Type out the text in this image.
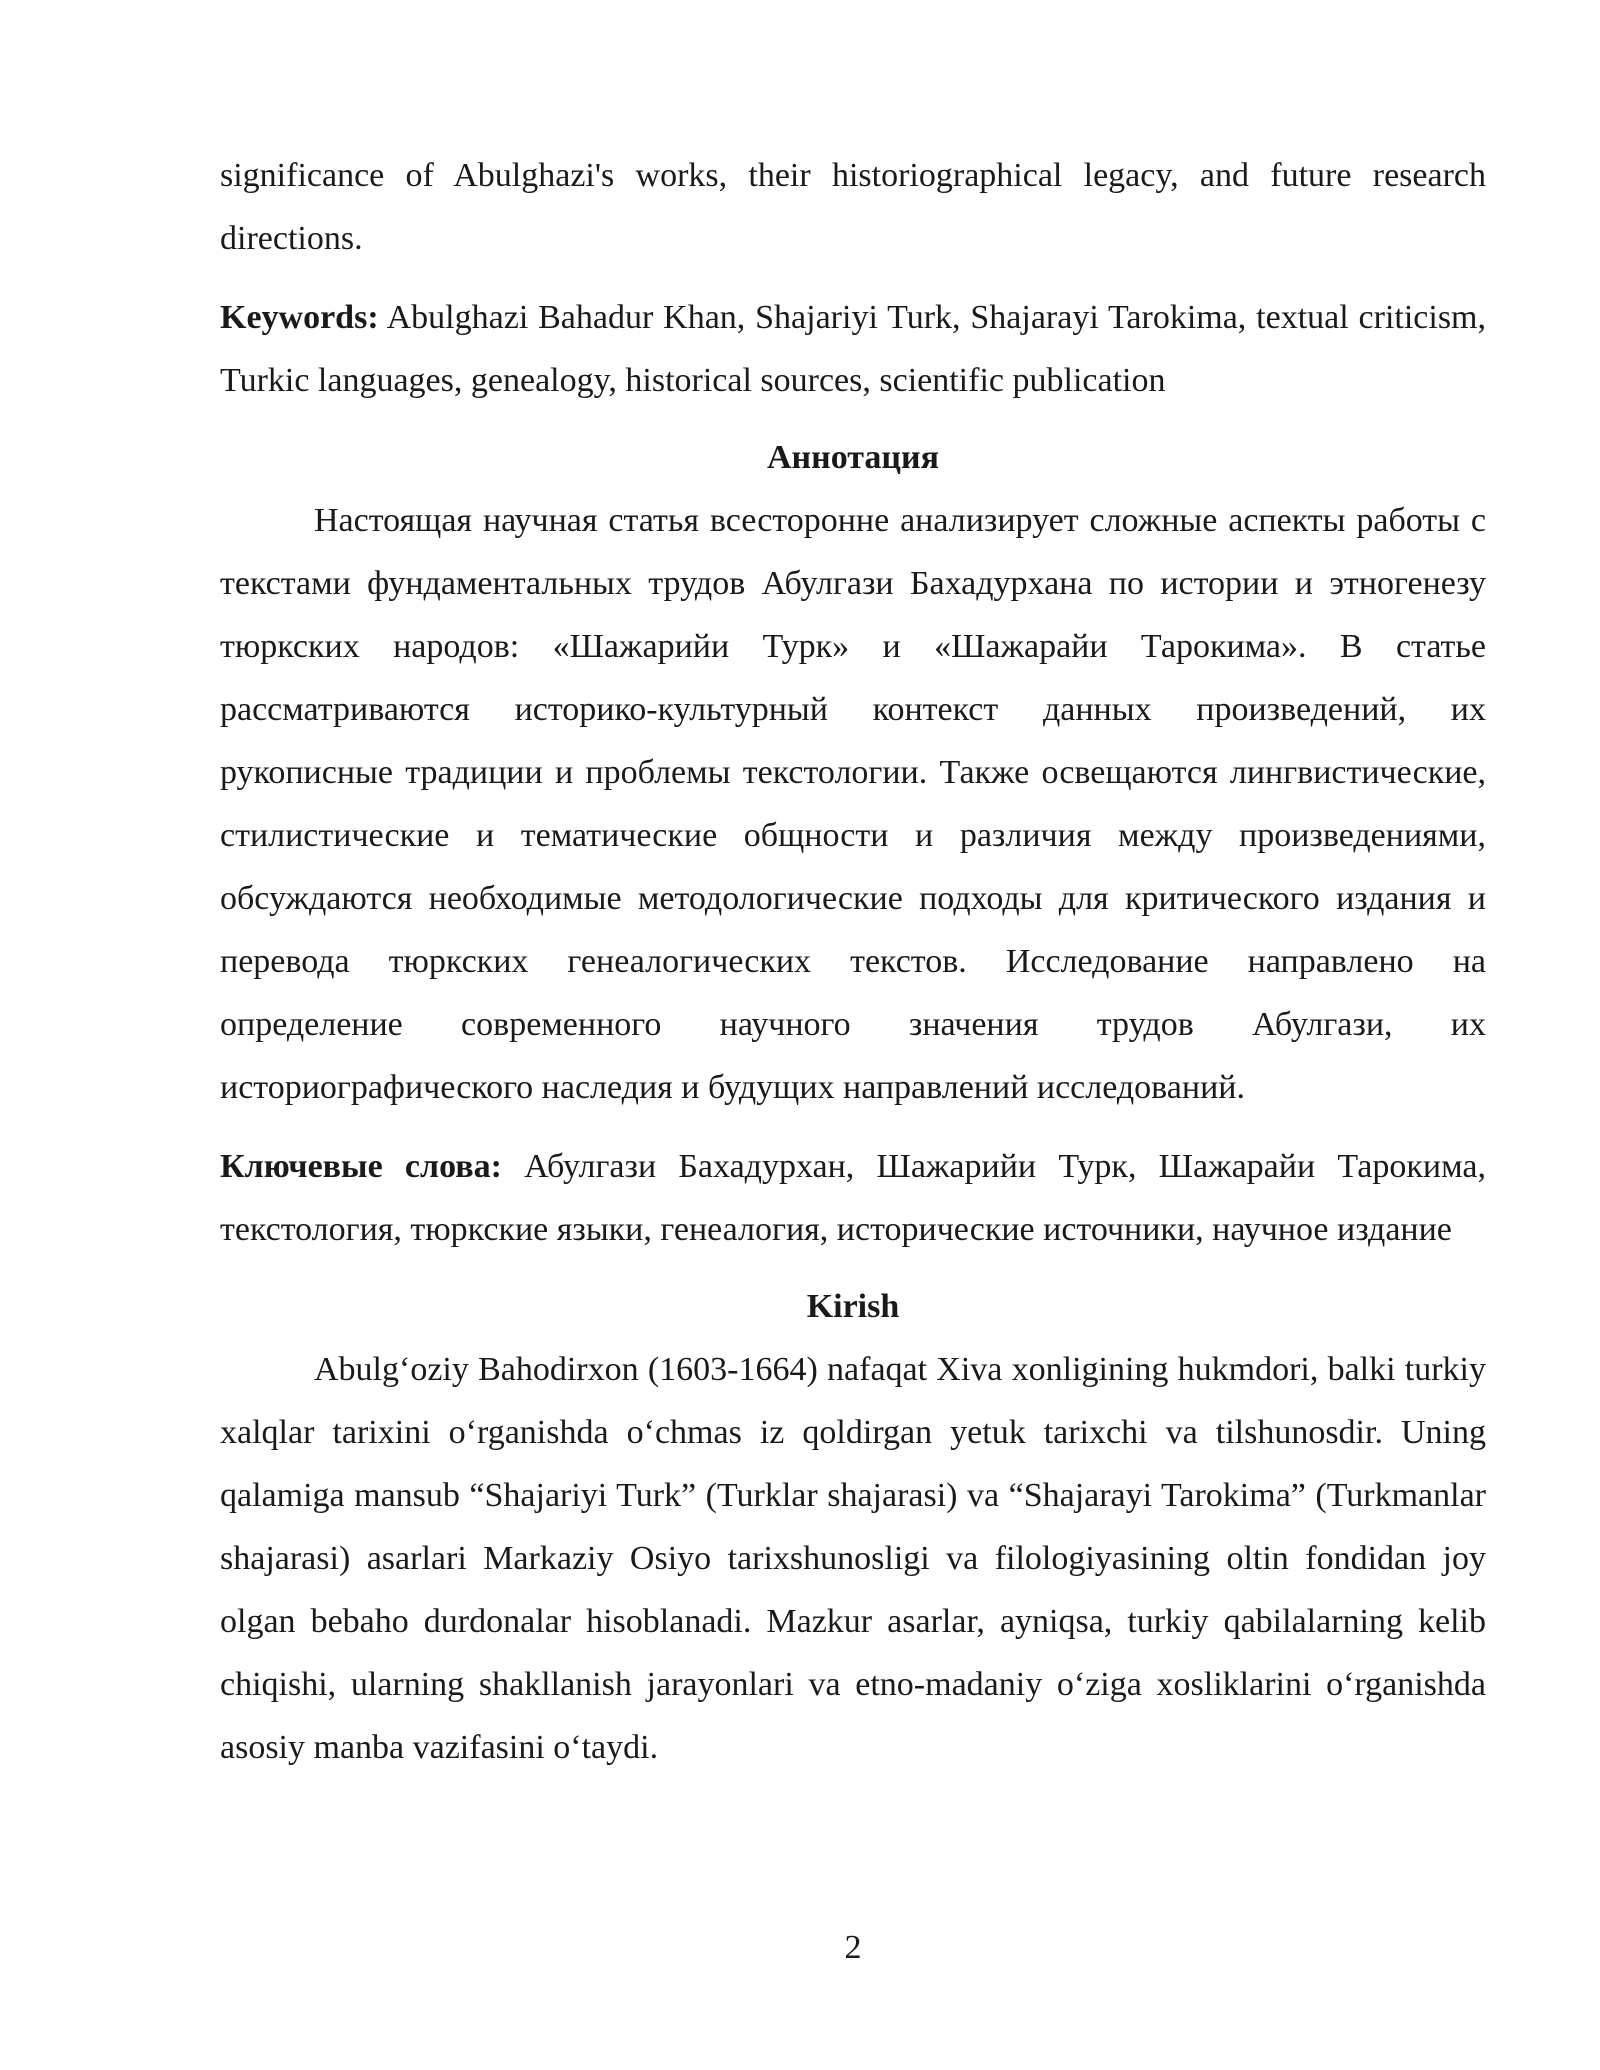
significance of Abulghazi's works, their historiographical legacy, and future research directions.

Keywords: Abulghazi Bahadur Khan, Shajariyi Turk, Shajarayi Tarokima, textual criticism, Turkic languages, genealogy, historical sources, scientific publication

Аннотация

Настоящая научная статья всесторонне анализирует сложные аспекты работы с текстами фундаментальных трудов Абулгази Бахадурхана по истории и этногенезу тюркских народов: «Шажарийи Турк» и «Шажарайи Тарокима». В статье рассматриваются историко-культурный контекст данных произведений, их рукописные традиции и проблемы текстологии. Также освещаются лингвистические, стилистические и тематические общности и различия между произведениями, обсуждаются необходимые методологические подходы для критического издания и перевода тюркских генеалогических текстов. Исследование направлено на определение современного научного значения трудов Абулгази, их историографического наследия и будущих направлений исследований.

Ключевые слова: Абулгази Бахадурхан, Шажарийи Турк, Шажарайи Тарокима, текстология, тюркские языки, генеалогия, исторические источники, научное издание

Kirish

Abulgʻoziy Bahodirxon (1603-1664) nafaqat Xiva xonligining hukmdori, balki turkiy xalqlar tarixini oʻrganishda oʻchmas iz qoldirgan yetuk tarixchi va tilshunosdir. Uning qalamiga mansub “Shajariyi Turk” (Turklar shajarasi) va “Shajarayi Tarokima” (Turkmanlar shajarasi) asarlari Markaziy Osiyo tarixshunosligi va filologiyasining oltin fondidan joy olgan bebaho durdonalar hisoblanadi. Mazkur asarlar, ayniqsa, turkiy qabilalarning kelib chiqishi, ularning shakllanish jarayonlari va etno-madaniy oʻziga xosliklarini oʻrganishda asosiy manba vazifasini oʻtaydi.

2
